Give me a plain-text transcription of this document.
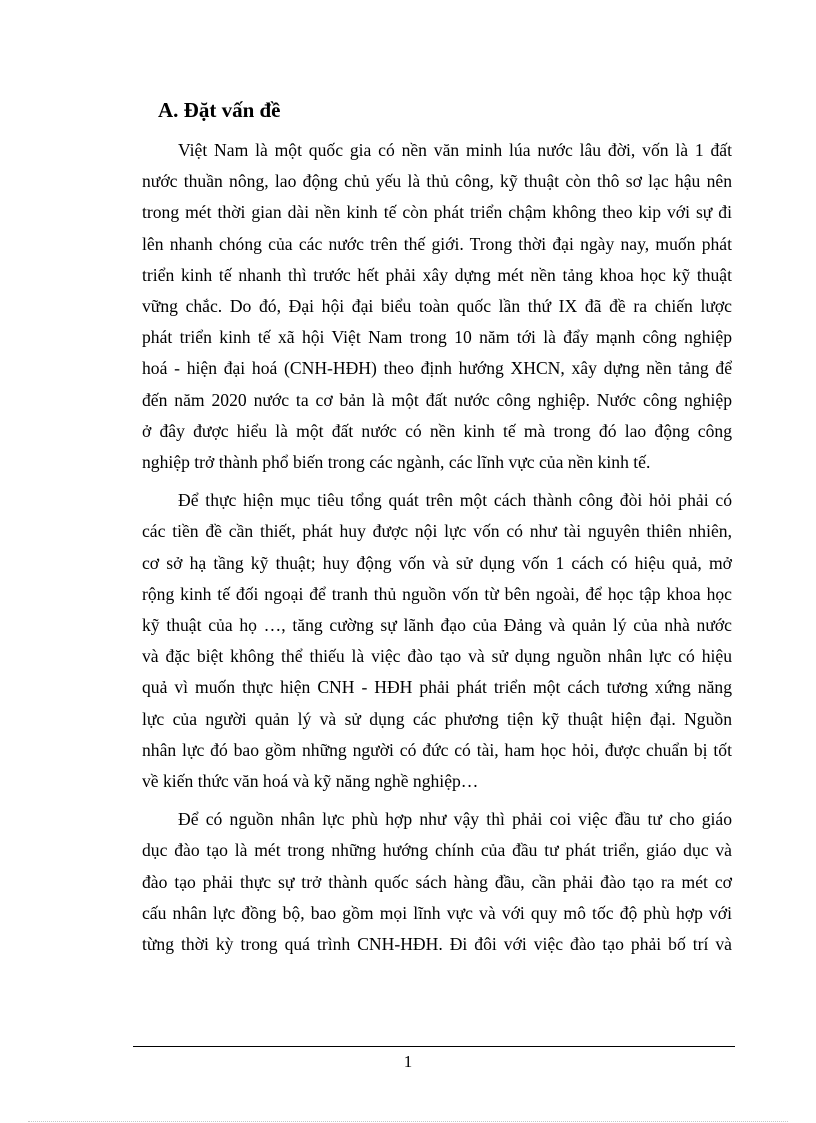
A. Đặt vấn đề

Việt Nam là một quốc gia có nền văn minh lúa nước lâu đời, vốn là 1 đất
nước thuần nông, lao động chủ yếu là thủ công, kỹ thuật còn thô sơ lạc hậu nên
trong mét thời gian dài nền kinh tế còn phát triển chậm không theo kip với sự đi
lên nhanh chóng của các nước trên thế giới. Trong thời đại ngày nay, muốn phát
triển kinh tế nhanh thì trước hết phải xây dựng mét nền tảng khoa học kỹ thuật
vững chắc. Do đó, Đại hội đại biểu toàn quốc lần thứ IX đã đề ra chiến lược
phát triển kinh tế xã hội Việt Nam trong 10 năm tới là đẩy mạnh công nghiệp
hoá - hiện đại hoá (CNH-HĐH) theo định hướng XHCN, xây dựng nền tảng để
đến năm 2020 nước ta cơ bản là một đất nước công nghiệp. Nước công nghiệp
ở đây được hiểu là một đất nước có nền kinh tế mà trong đó lao động công
nghiệp trở thành phổ biến trong các ngành, các lĩnh vực của nền kinh tế.

Để thực hiện mục tiêu tổng quát trên một cách thành công đòi hỏi phải có
các tiền đề cần thiết, phát huy được nội lực vốn có như tài nguyên thiên nhiên,
cơ sở hạ tầng kỹ thuật; huy động vốn và sử dụng vốn 1 cách có hiệu quả, mở
rộng kinh tế đối ngoại để tranh thủ nguồn vốn từ bên ngoài, để học tập khoa học
kỹ thuật của họ …, tăng cường sự lãnh đạo của Đảng và quản lý của nhà nước
và đặc biệt không thể thiếu là việc đào tạo và sử dụng nguồn nhân lực có hiệu
quả vì muốn thực hiện CNH - HĐH phải phát triển một cách tương xứng năng
lực của người quản lý và sử dụng các phương tiện kỹ thuật hiện đại. Nguồn
nhân lực đó bao gồm những người có đức có tài, ham học hỏi, được chuẩn bị tốt
về kiến thức văn hoá và kỹ năng nghề nghiệp…

Để có nguồn nhân lực phù hợp như vậy thì phải coi việc đầu tư cho giáo
dục đào tạo là mét trong những hướng chính của đầu tư phát triển, giáo dục và
đào tạo phải thực sự trở thành quốc sách hàng đầu, cần phải đào tạo ra mét cơ
cấu nhân lực đồng bộ, bao gồm mọi lĩnh vực và với quy mô tốc độ phù hợp với
từng thời kỳ trong quá trình CNH-HĐH. Đi đôi với việc đào tạo phải bố trí và

1
